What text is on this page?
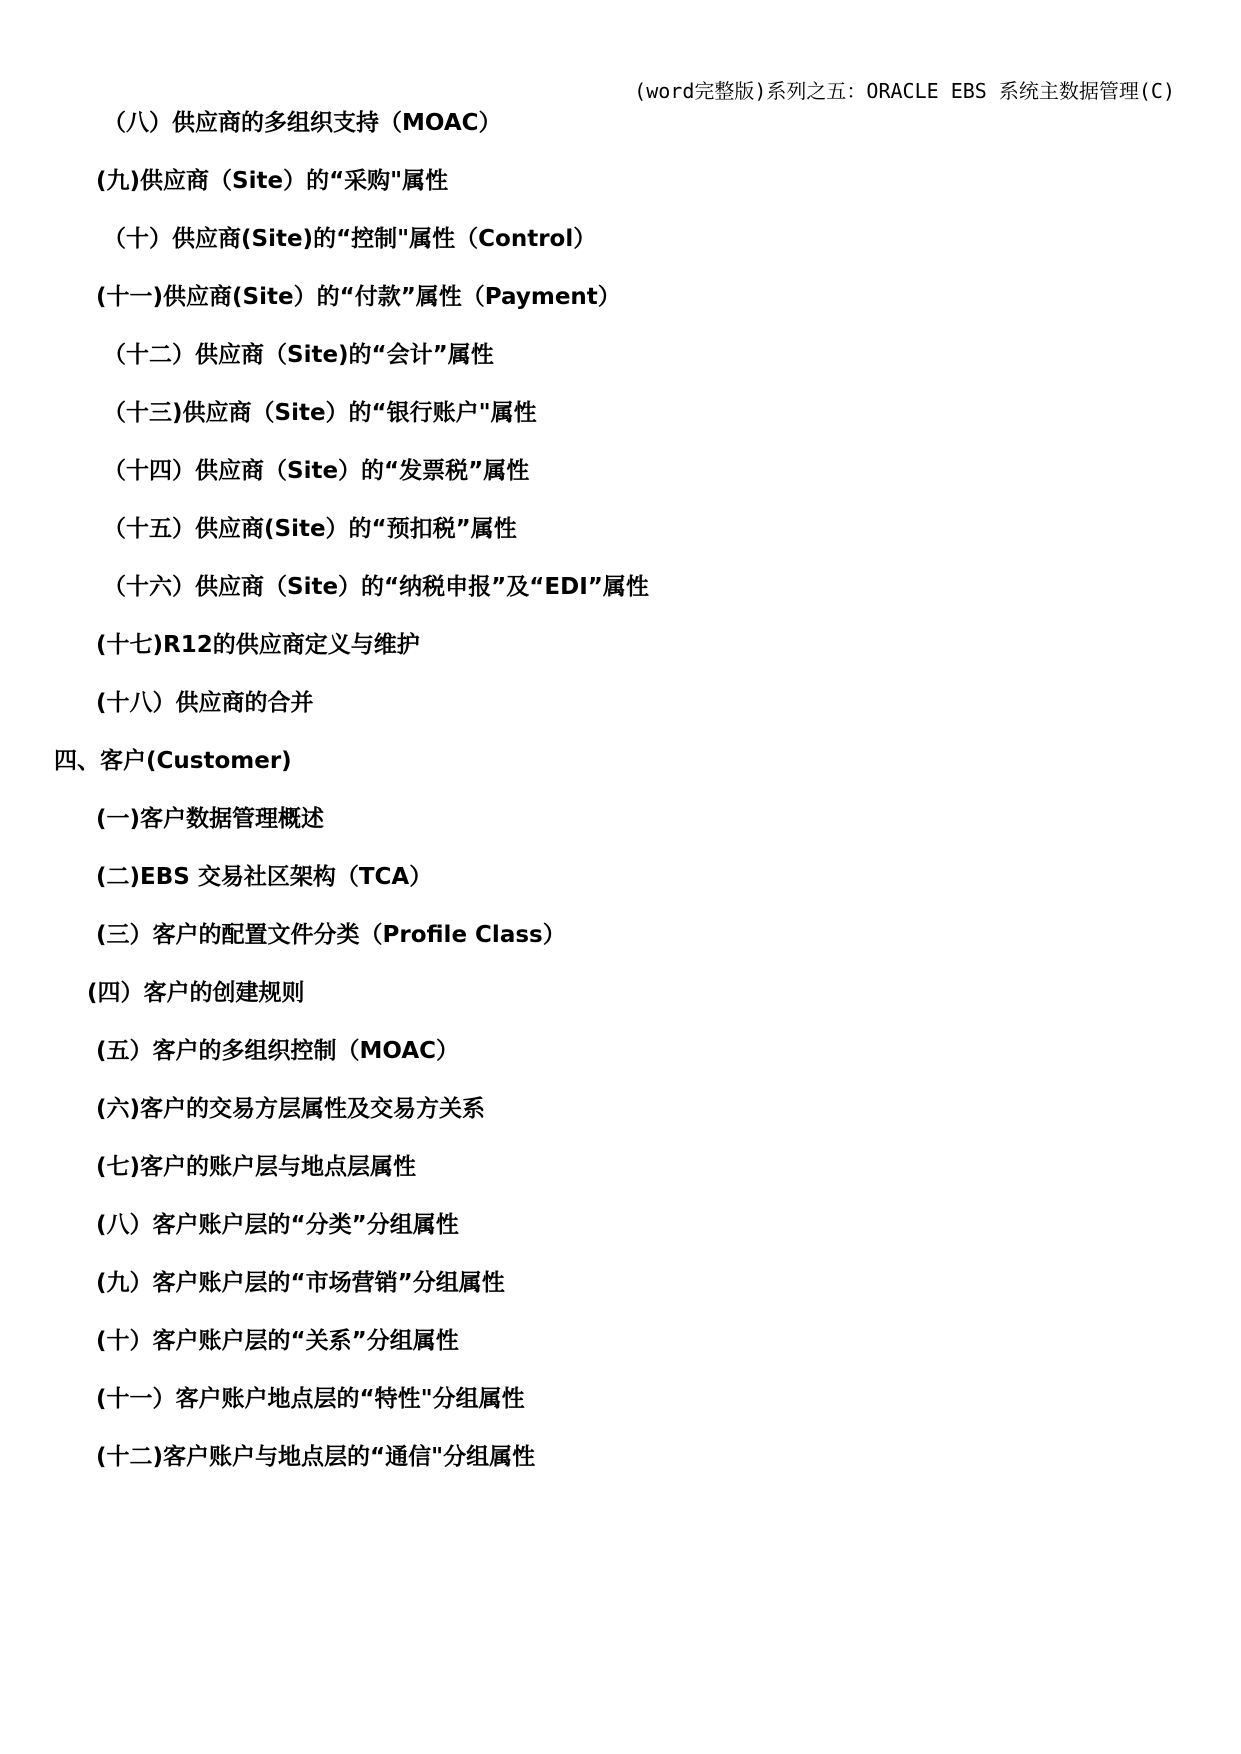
(word完整版)系列之五：ORACLE EBS 系统主数据管理(C)
（八）供应商的多组织支持（MOAC）
(九)供应商（Site）的“采购"属性
（十）供应商(Site)的“控制"属性（Control）
(十一)供应商(Site）的“付款”属性（Payment）
（十二）供应商（Site)的“会计”属性
（十三)供应商（Site）的“银行账户"属性
（十四）供应商（Site）的“发票税”属性
（十五）供应商(Site）的“预扣税”属性
（十六）供应商（Site）的“纳税申报”及“EDI”属性
(十七)R12的供应商定义与维护
(十八）供应商的合并
四、客户(Customer)
(一)客户数据管理概述
(二)EBS 交易社区架构（TCA）
(三）客户的配置文件分类（Profile Class）
(四）客户的创建规则
(五）客户的多组织控制（MOAC）
(六)客户的交易方层属性及交易方关系
(七)客户的账户层与地点层属性
(八）客户账户层的“分类”分组属性
(九）客户账户层的“市场营销”分组属性
(十）客户账户层的“关系”分组属性
(十一）客户账户地点层的“特性"分组属性
(十二)客户账户与地点层的“通信"分组属性
